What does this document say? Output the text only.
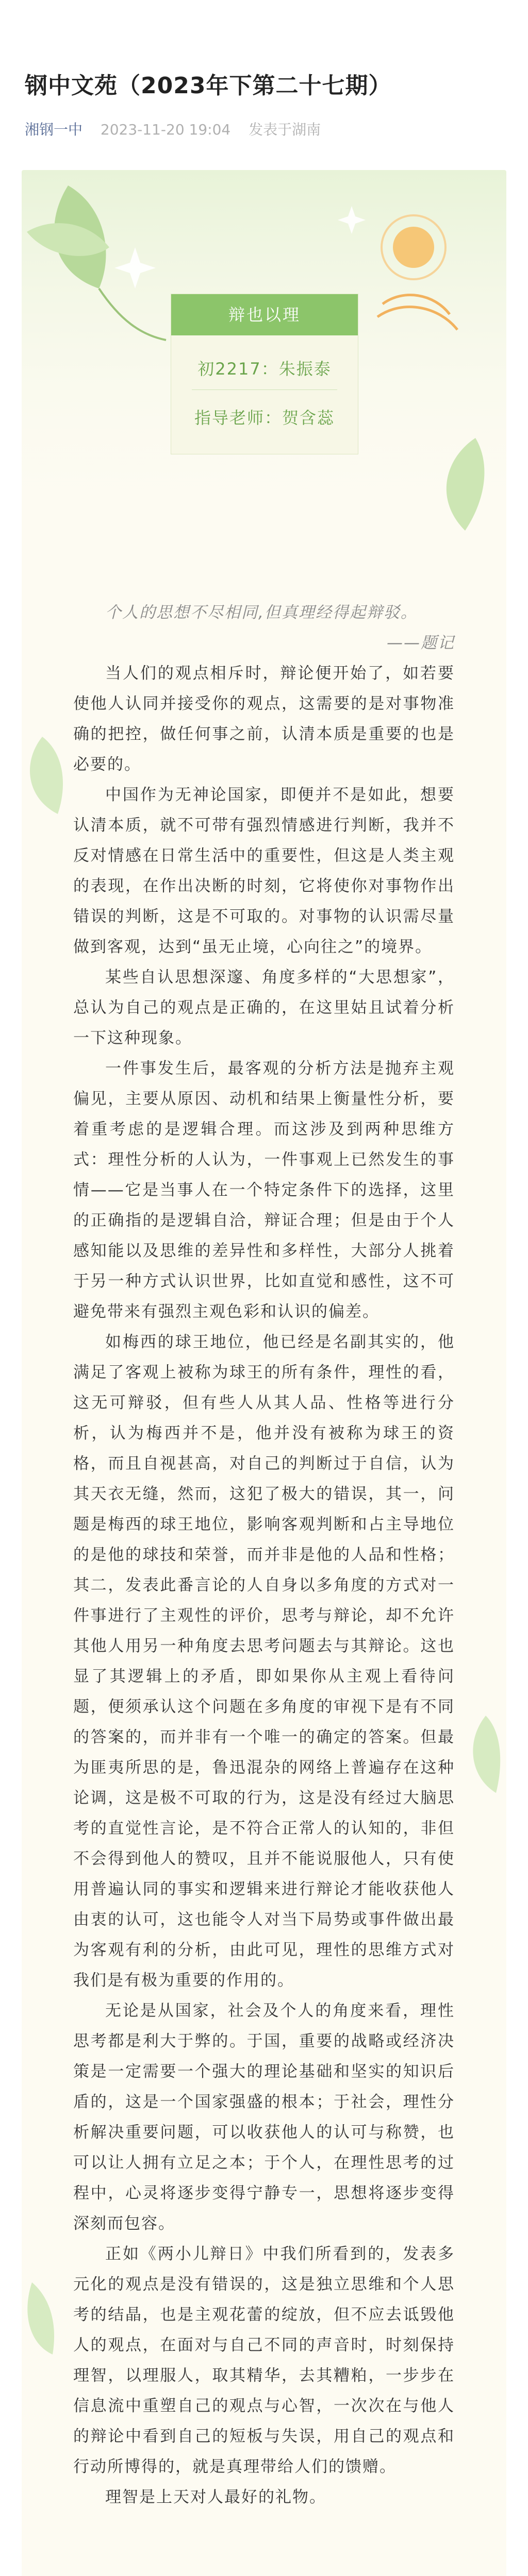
钢中文苑（2023年下第二十七期）
湘钢一中 2023-11-20 19:04 发表于湖南
辩也以理
初2217：朱振泰
指导老师：贺含蕊

个人的思想不尽相同,但真理经得起辩驳。

——题记

当人们的观点相斥时，辩论便开始了，如若要使他人认同并接受你的观点，这需要的是对事物准确的把控，做任何事之前，认清本质是重要的也是必要的。

中国作为无神论国家，即便并不是如此，想要认清本质，就不可带有强烈情感进行判断，我并不反对情感在日常生活中的重要性，但这是人类主观的表现，在作出决断的时刻，它将使你对事物作出错误的判断，这是不可取的。对事物的认识需尽量做到客观，达到“虽无止境，心向往之”的境界。

某些自认思想深邃、角度多样的“大思想家”，总认为自己的观点是正确的，在这里姑且试着分析一下这种现象。

一件事发生后，最客观的分析方法是抛弃主观偏见，主要从原因、动机和结果上衡量性分析，要着重考虑的是逻辑合理。而这涉及到两种思维方式：理性分析的人认为，一件事观上已然发生的事情——它是当事人在一个特定条件下的选择，这里的正确指的是逻辑自洽，辩证合理；但是由于个人感知能以及思维的差异性和多样性，大部分人挑着于另一种方式认识世界，比如直觉和感性，这不可避免带来有强烈主观色彩和认识的偏差。

如梅西的球王地位，他已经是名副其实的，他满足了客观上被称为球王的所有条件，理性的看，这无可辩驳，但有些人从其人品、性格等进行分析，认为梅西并不是，他并没有被称为球王的资格，而且自视甚高，对自己的判断过于自信，认为其天衣无缝，然而，这犯了极大的错误，其一，问题是梅西的球王地位，影响客观判断和占主导地位的是他的球技和荣誉，而并非是他的人品和性格；其二，发表此番言论的人自身以多角度的方式对一件事进行了主观性的评价，思考与辩论，却不允许其他人用另一种角度去思考问题去与其辩论。这也显了其逻辑上的矛盾，即如果你从主观上看待问题，便须承认这个问题在多角度的审视下是有不同的答案的，而并非有一个唯一的确定的答案。但最为匪夷所思的是，鲁迅混杂的网络上普遍存在这种论调，这是极不可取的行为，这是没有经过大脑思考的直觉性言论，是不符合正常人的认知的，非但不会得到他人的赞叹，且并不能说服他人，只有使用普遍认同的事实和逻辑来进行辩论才能收获他人由衷的认可，这也能令人对当下局势或事件做出最为客观有利的分析，由此可见，理性的思维方式对我们是有极为重要的作用的。

无论是从国家，社会及个人的角度来看，理性思考都是利大于弊的。于国，重要的战略或经济决策是一定需要一个强大的理论基础和坚实的知识后盾的，这是一个国家强盛的根本；于社会，理性分析解决重要问题，可以收获他人的认可与称赞，也可以让人拥有立足之本；于个人，在理性思考的过程中，心灵将逐步变得宁静专一，思想将逐步变得深刻而包容。

正如《两小儿辩日》中我们所看到的，发表多元化的观点是没有错误的，这是独立思维和个人思考的结晶，也是主观花蕾的绽放，但不应去诋毁他人的观点，在面对与自己不同的声音时，时刻保持理智，以理服人，取其精华，去其糟粕，一步步在信息流中重塑自己的观点与心智，一次次在与他人的辩论中看到自己的短板与失误，用自己的观点和行动所博得的，就是真理带给人们的馈赠。

理智是上天对人最好的礼物。
